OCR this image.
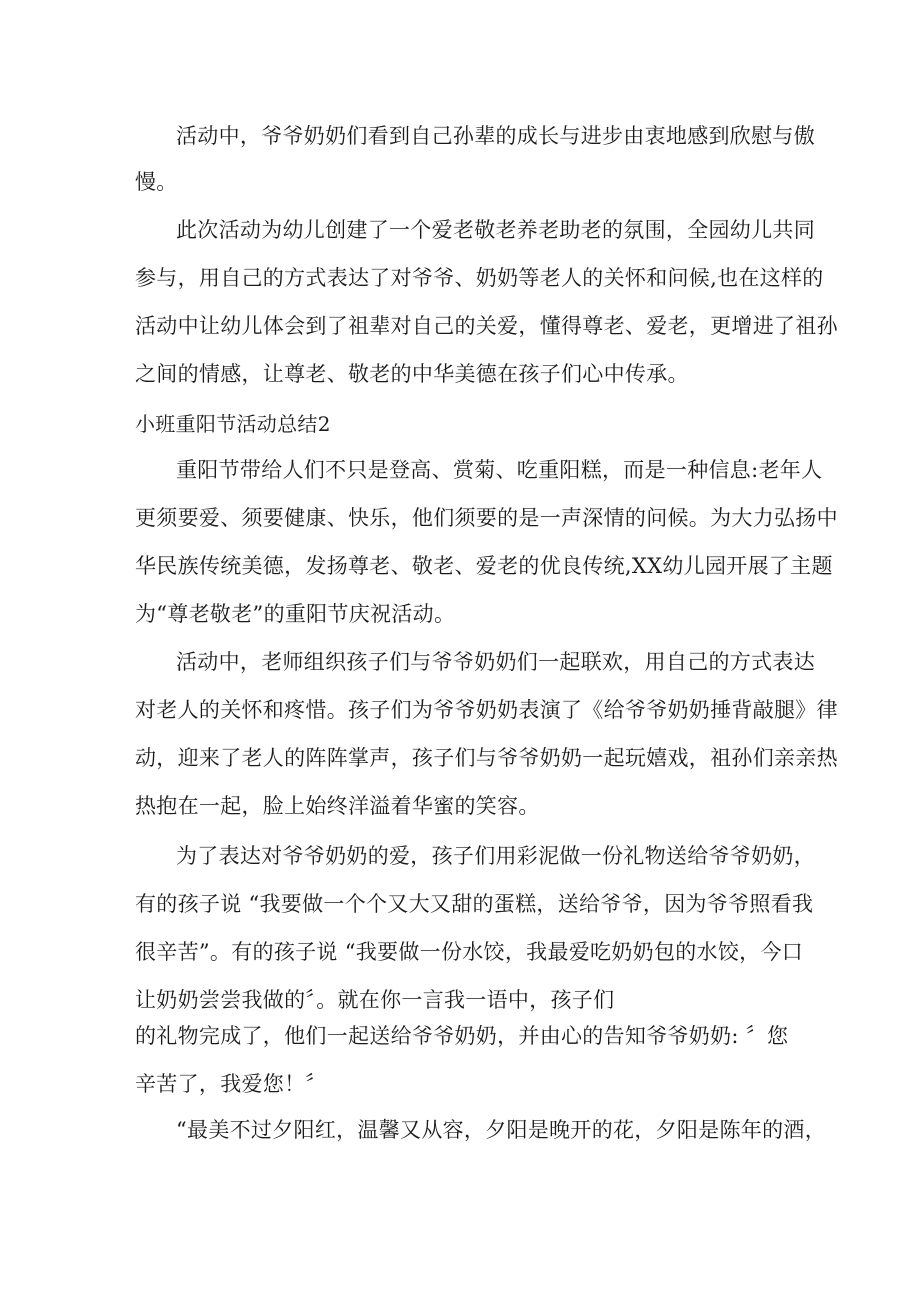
活动中，爷爷奶奶们看到自己孙辈的成长与进步由衷地感到欣慰与傲
慢。
此次活动为幼儿创建了一个爱老敬老养老助老的氛围，全园幼儿共同
参与，用自己的方式表达了对爷爷、奶奶等老人的关怀和问候,也在这样的
活动中让幼儿体会到了祖辈对自己的关爱，懂得尊老、爱老，更增进了祖孙
之间的情感，让尊老、敬老的中华美德在孩子们心中传承。
小班重阳节活动总结2
重阳节带给人们不只是登高、赏菊、吃重阳糕，而是一种信息:老年人
更须要爱、须要健康、快乐，他们须要的是一声深情的问候。为大力弘扬中
华民族传统美德，发扬尊老、敬老、爱老的优良传统,XX幼儿园开展了主题
为“尊老敬老”的重阳节庆祝活动。
活动中，老师组织孩子们与爷爷奶奶们一起联欢，用自己的方式表达
对老人的关怀和疼惜。孩子们为爷爷奶奶表演了《给爷爷奶奶捶背敲腿》律
动，迎来了老人的阵阵掌声，孩子们与爷爷奶奶一起玩嬉戏，祖孙们亲亲热
热抱在一起，脸上始终洋溢着华蜜的笑容。
为了表达对爷爷奶奶的爱，孩子们用彩泥做一份礼物送给爷爷奶奶，
有的孩子说 “我要做一个个又大又甜的蛋糕，送给爷爷，因为爷爷照看我
很辛苦”。有的孩子说 “我要做一份水饺，我最爱吃奶奶包的水饺，今口
让奶奶尝尝我做的〞。就在你一言我一语中，孩子们
的礼物完成了，他们一起送给爷爷奶奶，并由心的告知爷爷奶奶: 〞您
辛苦了，我爱您！〞
“最美不过夕阳红，温馨又从容，夕阳是晚开的花，夕阳是陈年的酒，
